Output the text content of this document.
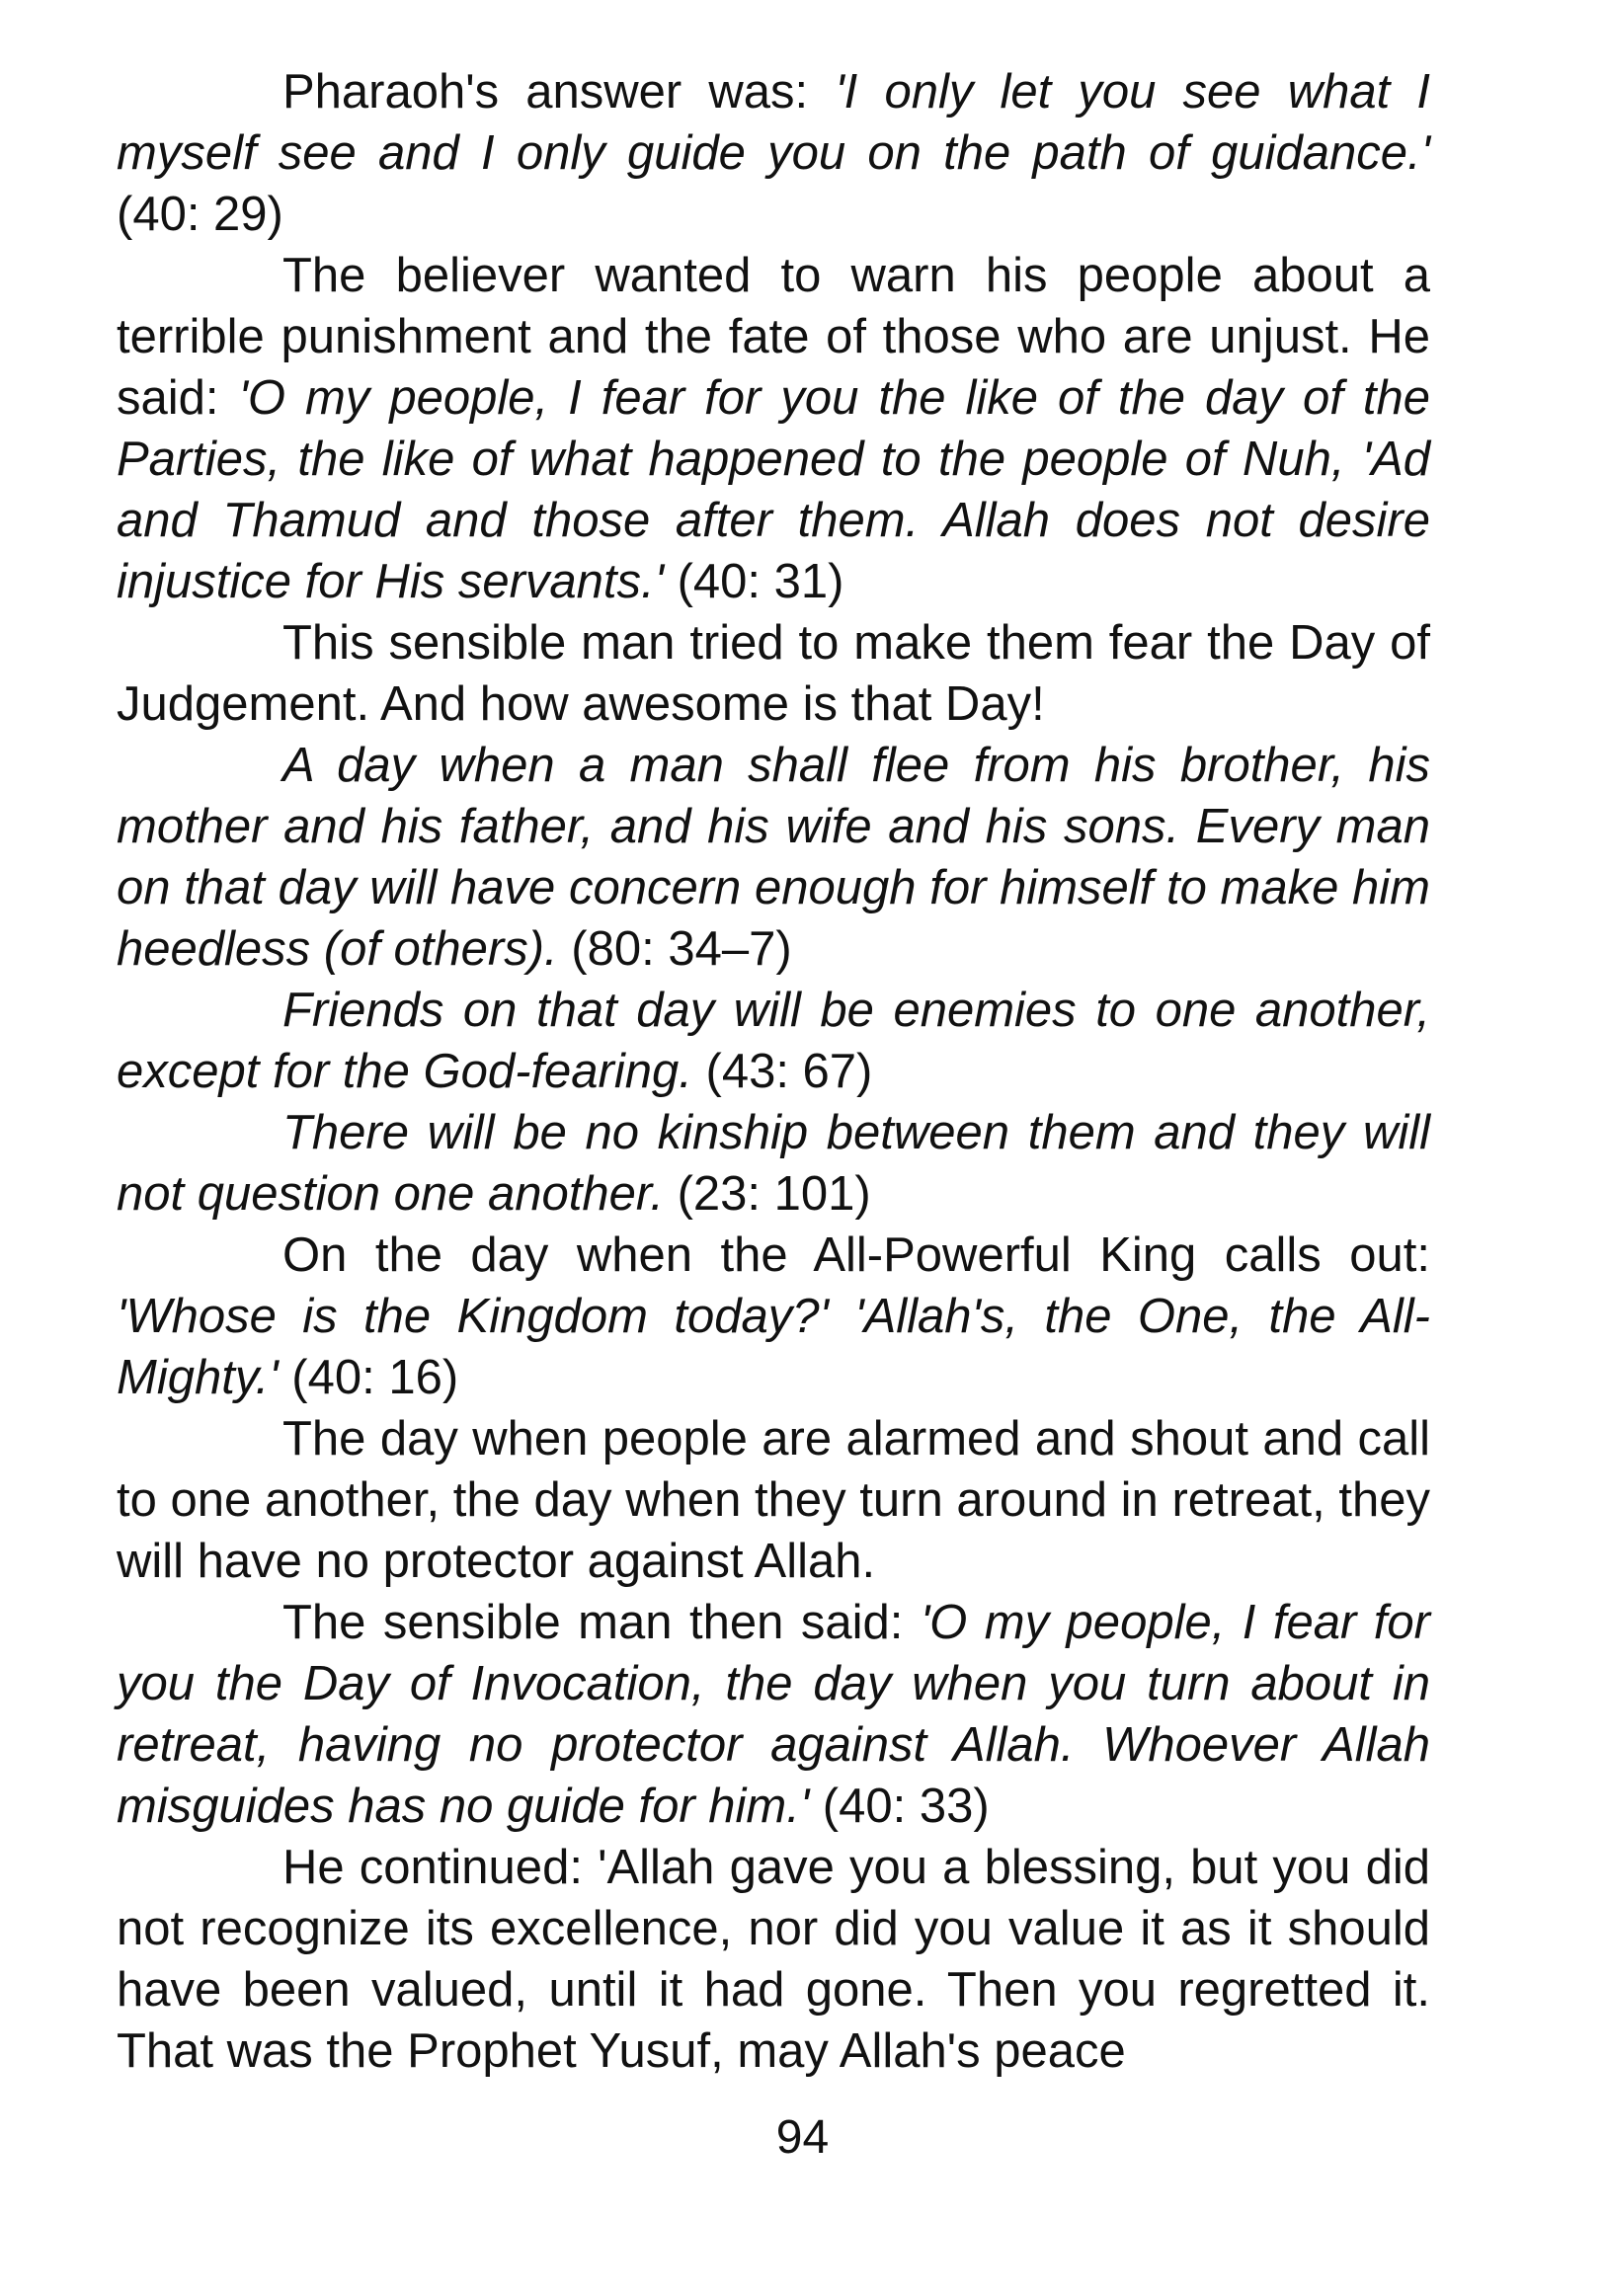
Pharaoh's answer was: 'I only let you see what I myself see and I only guide you on the path of guidance.' (40: 29)

The believer wanted to warn his people about a terrible punishment and the fate of those who are unjust. He said: 'O my people, I fear for you the like of the day of the Parties, the like of what happened to the people of Nuh, 'Ad and Thamud and those after them. Allah does not desire injustice for His servants.' (40: 31)

This sensible man tried to make them fear the Day of Judgement. And how awesome is that Day!

A day when a man shall flee from his brother, his mother and his father, and his wife and his sons. Every man on that day will have concern enough for himself to make him heedless (of others). (80: 34–7)

Friends on that day will be enemies to one another, except for the God-fearing. (43: 67)

There will be no kinship between them and they will not question one another. (23: 101)

On the day when the All-Powerful King calls out: 'Whose is the Kingdom today?' 'Allah's, the One, the All-Mighty.' (40: 16)

The day when people are alarmed and shout and call to one another, the day when they turn around in retreat, they will have no protector against Allah.

The sensible man then said: 'O my people, I fear for you the Day of Invocation, the day when you turn about in retreat, having no protector against Allah. Whoever Allah misguides has no guide for him.' (40: 33)

He continued: 'Allah gave you a blessing, but you did not recognize its excellence, nor did you value it as it should have been valued, until it had gone. Then you regretted it. That was the Prophet Yusuf, may Allah's peace

94
